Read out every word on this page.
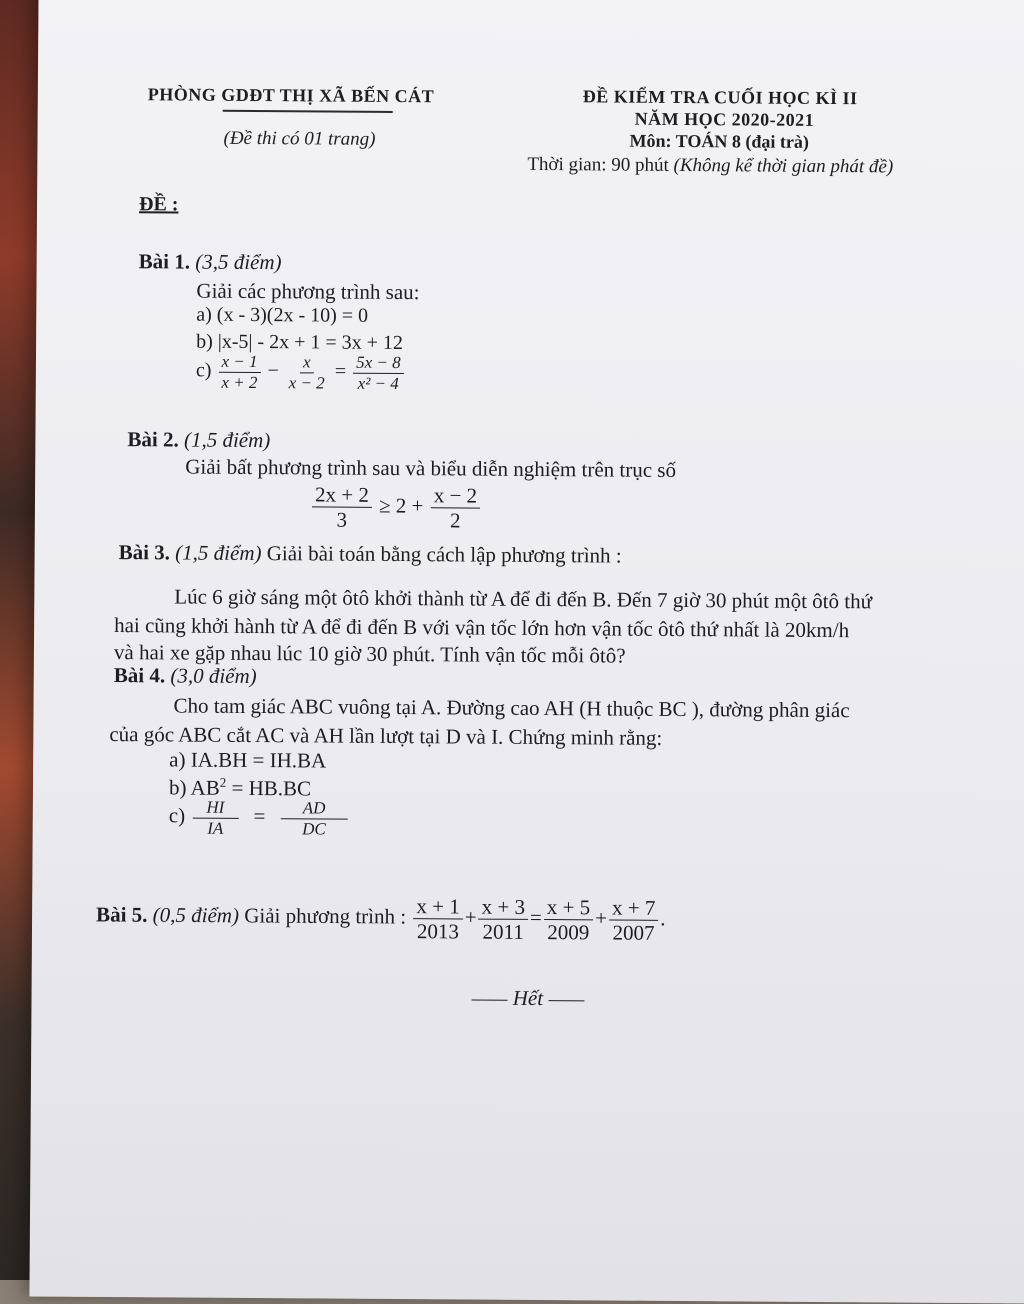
PHÒNG GDĐT THỊ XÃ BẾN CÁT
(Đề thi có 01 trang)
ĐỀ KIỂM TRA CUỐI HỌC KÌ II
NĂM HỌC 2020-2021
Môn: TOÁN 8 (đại trà)
Thời gian: 90 phút (Không kể thời gian phát đề)
ĐỀ :
Bài 1. (3,5 điểm)
Giải các phương trình sau:
a) (x - 3)(2x - 10) = 0
b) |x-5| - 2x + 1 = 3x + 12
$c) \frac{x - 1}{x + 2} - \frac{x}{x - 2} = \frac{5x - 8}{\text{x² − 4}}$
Bài 2. (1,5 điểm)
Giải bất phương trình sau và biểu diễn nghiệm trên trục số
$\frac{2x + 2}{3} \ge 2 + \frac{x - 2}{2}$
Bài 3. (1,5 điểm) Giải bài toán bằng cách lập phương trình :
Lúc 6 giờ sáng một ôtô khởi thành từ A để đi đến B. Đến 7 giờ 30 phút một ôtô thứ
hai cũng khởi hành từ A để đi đến B với vận tốc lớn hơn vận tốc ôtô thứ nhất là 20km/h
và hai xe gặp nhau lúc 10 giờ 30 phút. Tính vận tốc mỗi ôtô?
Bài 4. (3,0 điểm)
Cho tam giác ABC vuông tại A. Đường cao AH (H thuộc BC ), đường phân giác
của góc ABC cắt AC và AH lần lượt tại D và I. Chứng minh rằng:
a) IA.BH = IH.BA
b) $AB^2 = HB.BC$
$c) \frac{HI}{IA} = \frac{AD}{DC}$
Bài 5. (0,5 điểm) Giải phương trình : $\frac{x + 1}{2013} + \frac{x + 3}{2011} = \frac{x + 5}{2009} + \frac{x + 7}{2007}$ .
Hết
